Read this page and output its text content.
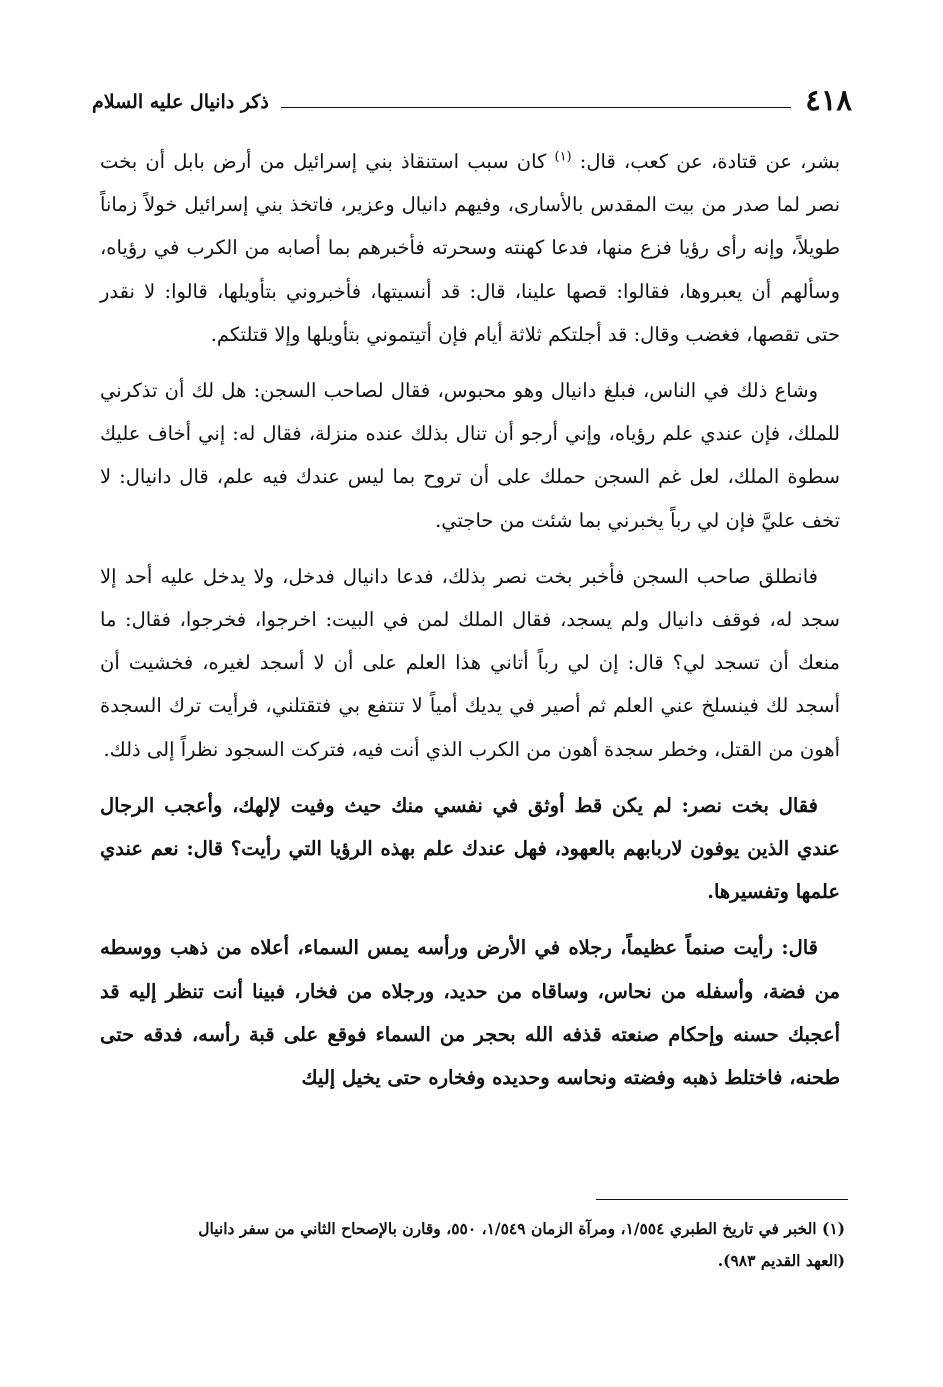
٤١٨
ذكر دانيال عليه السلام

بشر، عن قتادة، عن كعب، قال: $^{(١)}$ كان سبب استنقاذ بني إسرائيل من أرض بابل أن بخت نصر لما صدر من بيت المقدس بالأسارى، وفيهم دانيال وعزير، فاتخذ بني إسرائيل خولاً زماناً طويلاً، وإنه رأى رؤيا فزع منها، فدعا كهنته وسحرته فأخبرهم بما أصابه من الكرب في رؤياه، وسألهم أن يعبروها، فقالوا: قصها علينا، قال: قد أنسيتها، فأخبروني بتأويلها، قالوا: لا نقدر حتى تقصها، فغضب وقال: قد أجلتكم ثلاثة أيام فإن أتيتموني بتأويلها وإلا قتلتكم.

وشاع ذلك في الناس، فبلغ دانيال وهو محبوس، فقال لصاحب السجن: هل لك أن تذكرني للملك، فإن عندي علم رؤياه، وإني أرجو أن تنال بذلك عنده منزلة، فقال له: إني أخاف عليك سطوة الملك، لعل غم السجن حملك على أن تروح بما ليس عندك فيه علم، قال دانيال: لا تخف عليَّ فإن لي رباً يخبرني بما شئت من حاجتي.

فانطلق صاحب السجن فأخبر بخت نصر بذلك، فدعا دانيال فدخل، ولا يدخل عليه أحد إلا سجد له، فوقف دانيال ولم يسجد، فقال الملك لمن في البيت: اخرجوا، فخرجوا، فقال: ما منعك أن تسجد لي؟ قال: إن لي رباً أتاني هذا العلم على أن لا أسجد لغيره، فخشيت أن أسجد لك فينسلخ عني العلم ثم أصير في يديك أمياً لا تنتفع بي فتقتلني، فرأيت ترك السجدة أهون من القتل، وخطر سجدة أهون من الكرب الذي أنت فيه، فتركت السجود نظراً إلى ذلك.

فقال بخت نصر: لم يكن قط أوثق في نفسي منك حيث وفيت لإلهك، وأعجب الرجال عندي الذين يوفون لاربابهم بالعهود، فهل عندك علم بهذه الرؤيا التي رأيت؟ قال: نعم عندي علمها وتفسيرها.

قال: رأيت صنماً عظيماً، رجلاه في الأرض ورأسه يمس السماء، أعلاه من ذهب ووسطه من فضة، وأسفله من نحاس، وساقاه من حديد، ورجلاه من فخار، فبينا أنت تنظر إليه قد أعجبك حسنه وإحكام صنعته قذفه الله بحجر من السماء فوقع على قبة رأسه، فدقه حتى طحنه، فاختلط ذهبه وفضته ونحاسه وحديده وفخاره حتى يخيل إليك

(١) الخبر في تاريخ الطبري ١/٥٥٤، ومرآة الزمان ١/٥٤٩، ٥٥٠، وقارن بالإصحاح الثاني من سفر دانيال

(العهد القديم ٩٨٣).
